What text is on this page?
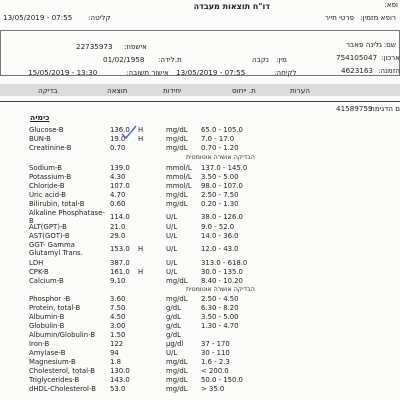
דו"ח תוצאות מעבדה
13/05/2019 - 07:55 קליטה:	רופא מזמין:
פרטי תייר
ופא:
שם:
גלינה פאבר
22735973 אישפוז:
754105047 ארכון:
01/02/1958 ת.לידה:	נקבה מין:
4623163 הזמנה:
15/05/2019 - 13:30	אישור תשובה: 13/05/2019 - 07:55	לקיחה:
בדיקה	תוצאה	יחידות	ת. ייחוס	הערות
41589759
ם הדגימה:
כימיה
Glucose-B	136.0 H	mg/dL 65.0 - 105.0
BUN-B	19.0 H	mg/dL 7.0 - 17.0
Creatinine-B	0.70	mg/dL 0.70 - 1.20
Sodium-B	139.0	mmol/L 137.0 - 145.0
Potassium-B	4.30	mmol/L 3.50 - 5.00
Chloride-B	107.0	mmol/L 98.0 - 107.0
Uric acid-B	4.70	mg/dL 2.50 - 7.50
Bilirubin, total-B	0.60	mg/dL 0.20 - 1.30
Alkaline Phosphatase- 114.0	U/L	38.0 - 126.0
B
ALT(GPT)-B	21.0	U/L	9.0 - 52.0
AST(GOT)-B	29.0	U/L	14.0 - 36.0
GGT- Gamma	153.0 H	U/L	12.0 - 43.0
Glutamyl Trans.
LDH	387.0	U/L	313.0 - 618.0
CPK-B	161.0 H	U/L	30.0 - 135.0
Calcium-B	9.10	mg/dL 8.40 - 10.20
Phosphor -B	3.60	mg/dL 2.50 - 4.50
Protein, total-B	7.50	g/dL	6.30 - 8.20
Albumin-B	4.50	g/dL	3.50 - 5.00
Globulin-B	3.00	g/dL	1.30 - 4.70
Albumin/Globulin-B 1.50	g/dL
Iron-B	122	µg/dl	37 - 170
Amylase-B	94	U/L	30 - 110
Magnesium-B	1.8	mg/dL 1.6 - 2.3
Cholesterol, total-B 130.0	mg/dL < 200.0
Triglycerides-B	143.0	mg/dL 50.0 - 150.0
dHDL-Cholesterol-B 53.0	mg/dL > 35.0
הבדיקה אושרה אוטומטית
הבדיקה אושרה אוטומטית
